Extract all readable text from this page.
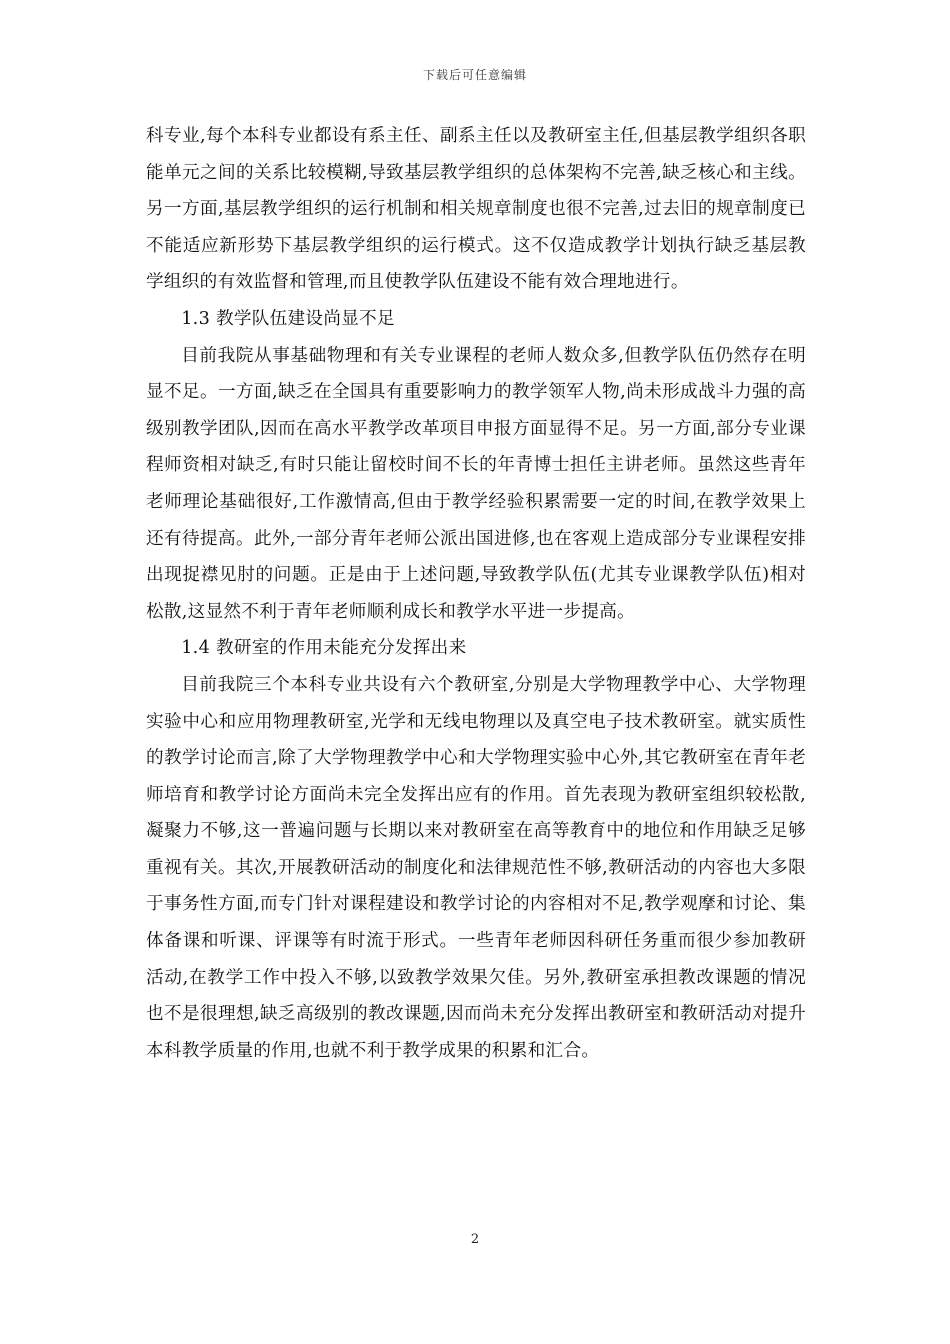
下载后可任意编辑

科专业,每个本科专业都设有系主任、副系主任以及教研室主任,但基层教学组织各职能单元之间的关系比较模糊,导致基层教学组织的总体架构不完善,缺乏核心和主线。另一方面,基层教学组织的运行机制和相关规章制度也很不完善,过去旧的规章制度已不能适应新形势下基层教学组织的运行模式。这不仅造成教学计划执行缺乏基层教学组织的有效监督和管理,而且使教学队伍建设不能有效合理地进行。

1.3 教学队伍建设尚显不足

目前我院从事基础物理和有关专业课程的老师人数众多,但教学队伍仍然存在明显不足。一方面,缺乏在全国具有重要影响力的教学领军人物,尚未形成战斗力强的高级别教学团队,因而在高水平教学改革项目申报方面显得不足。另一方面,部分专业课程师资相对缺乏,有时只能让留校时间不长的年青博士担任主讲老师。虽然这些青年老师理论基础很好,工作激情高,但由于教学经验积累需要一定的时间,在教学效果上还有待提高。此外,一部分青年老师公派出国进修,也在客观上造成部分专业课程安排出现捉襟见肘的问题。正是由于上述问题,导致教学队伍(尤其专业课教学队伍)相对松散,这显然不利于青年老师顺利成长和教学水平进一步提高。

1.4 教研室的作用未能充分发挥出来

目前我院三个本科专业共设有六个教研室,分别是大学物理教学中心、大学物理实验中心和应用物理教研室,光学和无线电物理以及真空电子技术教研室。就实质性的教学讨论而言,除了大学物理教学中心和大学物理实验中心外,其它教研室在青年老师培育和教学讨论方面尚未完全发挥出应有的作用。首先表现为教研室组织较松散,凝聚力不够,这一普遍问题与长期以来对教研室在高等教育中的地位和作用缺乏足够重视有关。其次,开展教研活动的制度化和法律规范性不够,教研活动的内容也大多限于事务性方面,而专门针对课程建设和教学讨论的内容相对不足,教学观摩和讨论、集体备课和听课、评课等有时流于形式。一些青年老师因科研任务重而很少参加教研活动,在教学工作中投入不够,以致教学效果欠佳。另外,教研室承担教改课题的情况也不是很理想,缺乏高级别的教改课题,因而尚未充分发挥出教研室和教研活动对提升本科教学质量的作用,也就不利于教学成果的积累和汇合。

2
